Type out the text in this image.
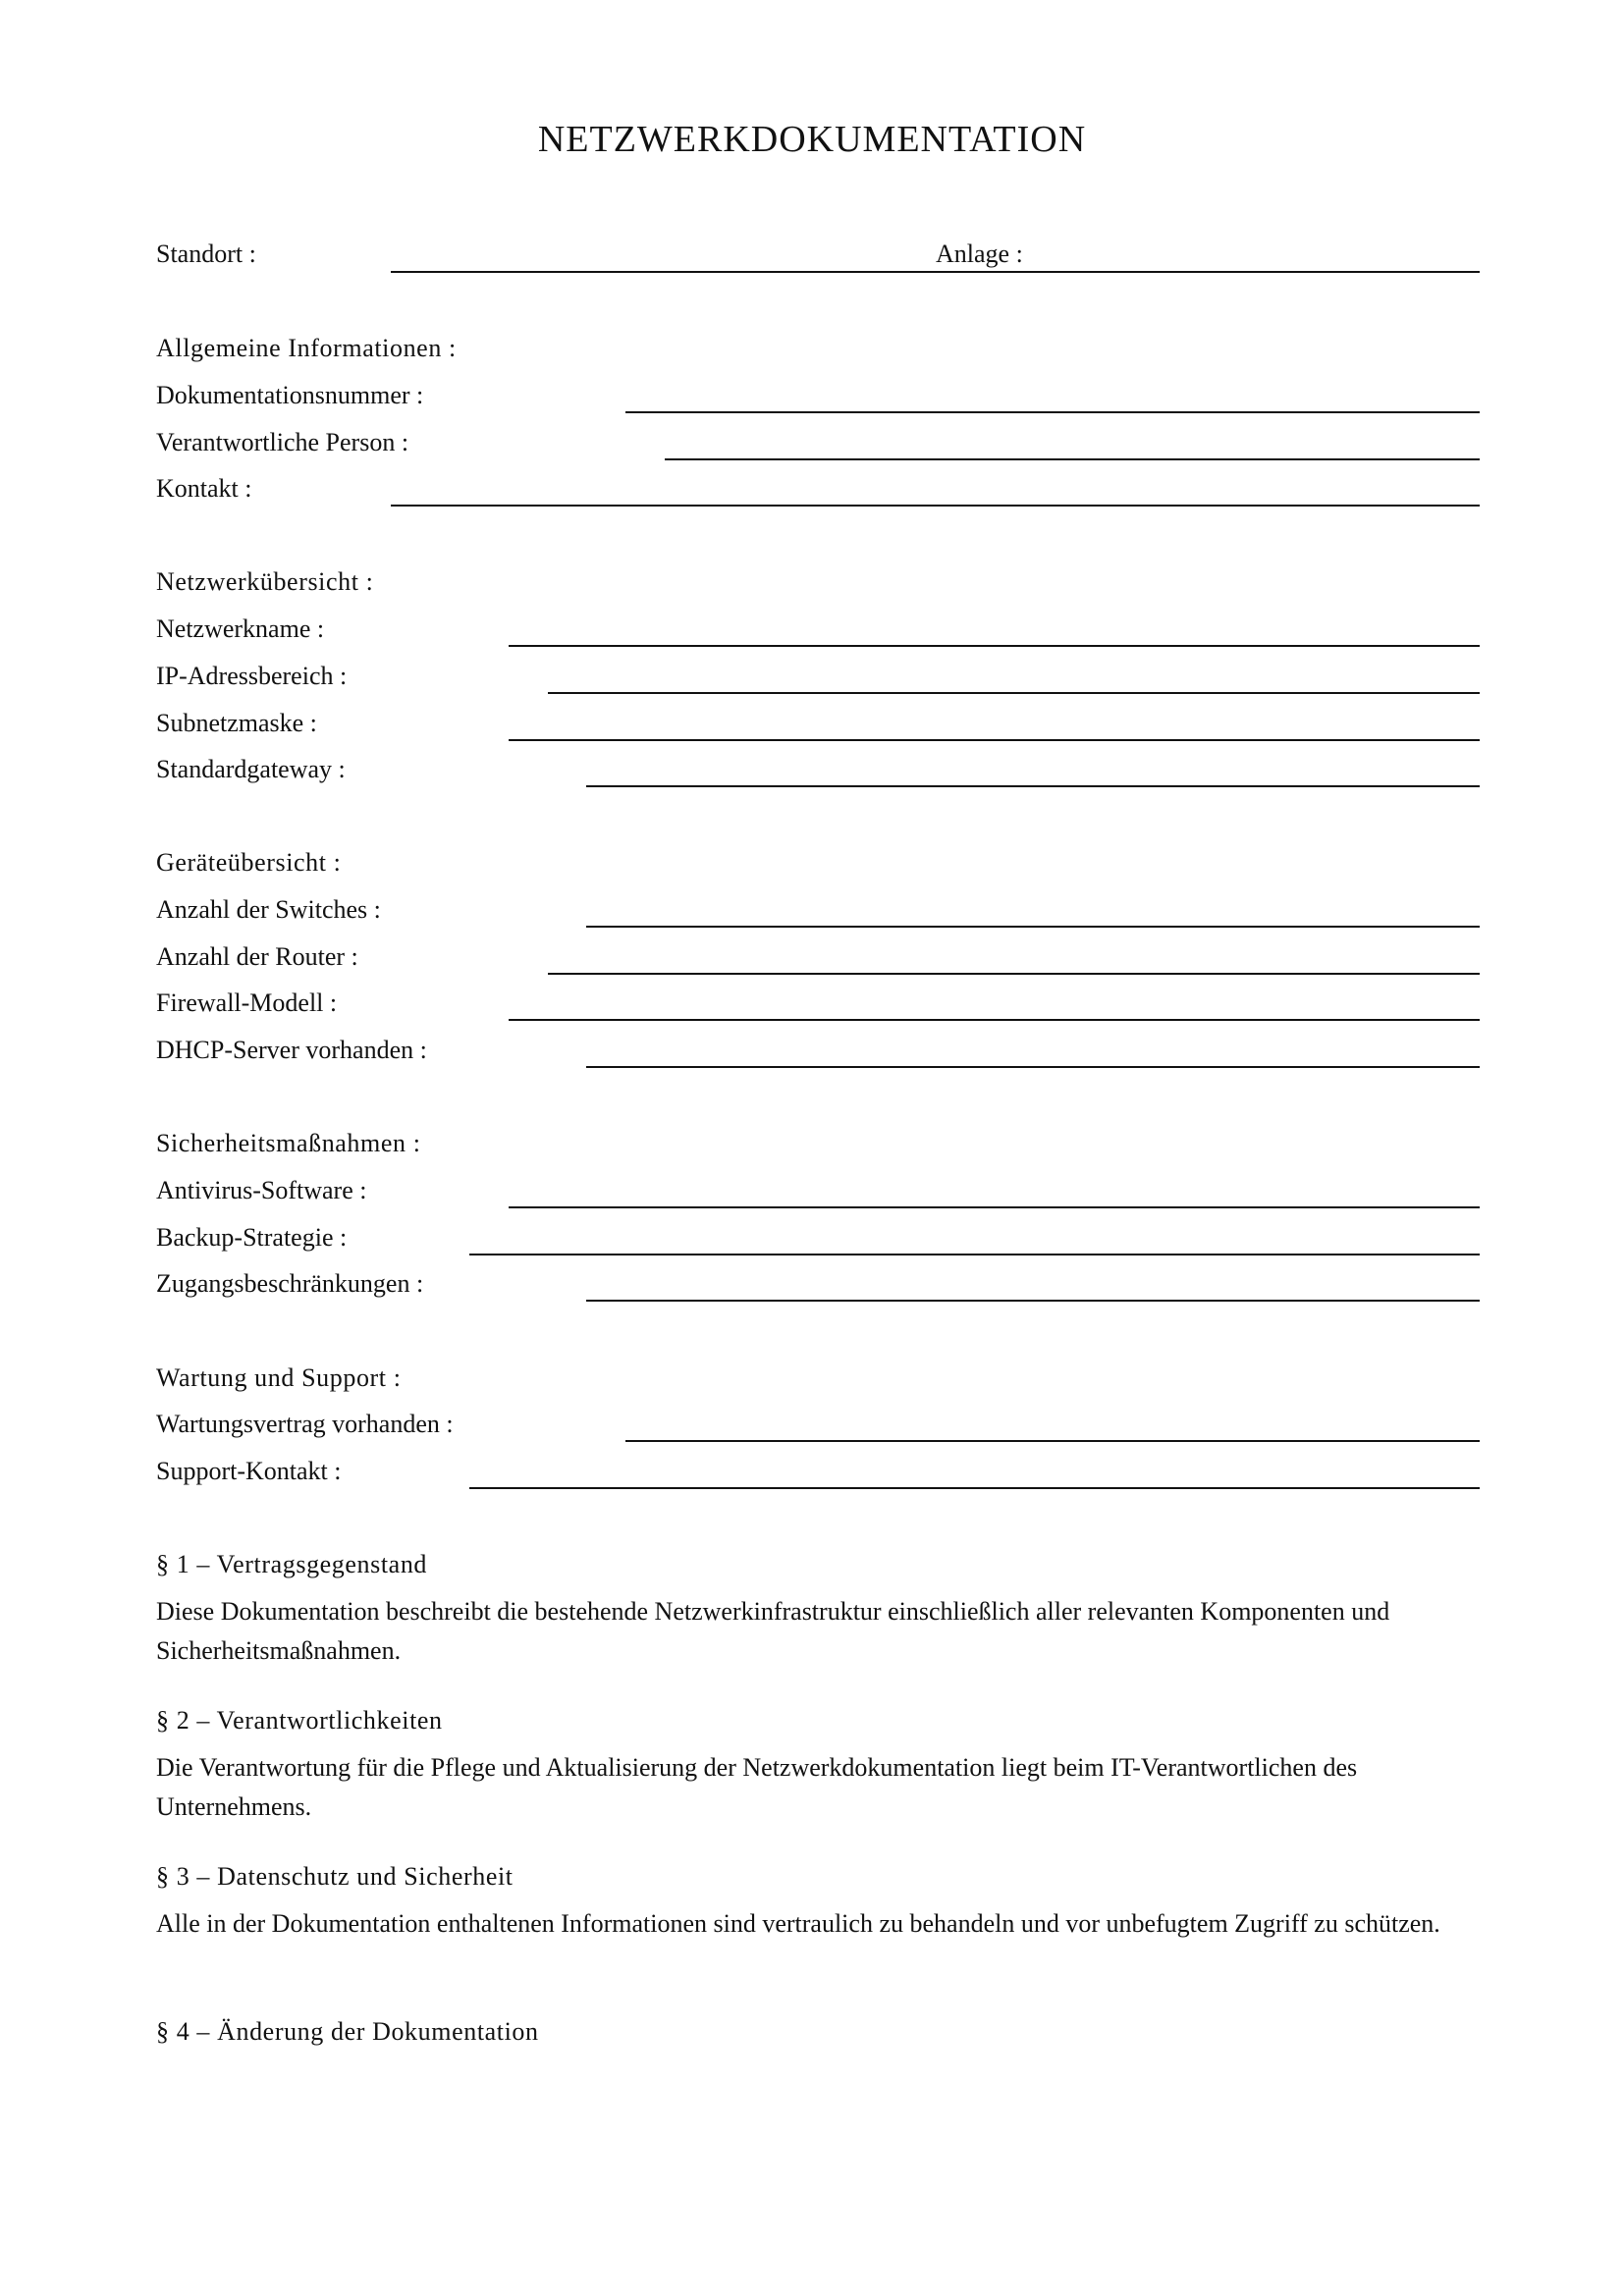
NETZWERKDOKUMENTATION
Standort :	Anlage :
Allgemeine Informationen :
Dokumentationsnummer :
Verantwortliche Person :
Kontakt :
Netzwerkübersicht :
Netzwerkname :
IP-Adressbereich :
Subnetzmaske :
Standardgateway :
Geräteübersicht :
Anzahl der Switches :
Anzahl der Router :
Firewall-Modell :
DHCP-Server vorhanden :
Sicherheitsmaßnahmen :
Antivirus-Software :
Backup-Strategie :
Zugangsbeschränkungen :
Wartung und Support :
Wartungsvertrag vorhanden :
Support-Kontakt :
§ 1 – Vertragsgegenstand
Diese Dokumentation beschreibt die bestehende Netzwerkinfrastruktur einschließlich aller relevanten Komponenten und Sicherheitsmaßnahmen.
§ 2 – Verantwortlichkeiten
Die Verantwortung für die Pflege und Aktualisierung der Netzwerkdokumentation liegt beim IT-Verantwortlichen des Unternehmens.
§ 3 – Datenschutz und Sicherheit
Alle in der Dokumentation enthaltenen Informationen sind vertraulich zu behandeln und vor unbefugtem Zugriff zu schützen.
§ 4 – Änderung der Dokumentation
